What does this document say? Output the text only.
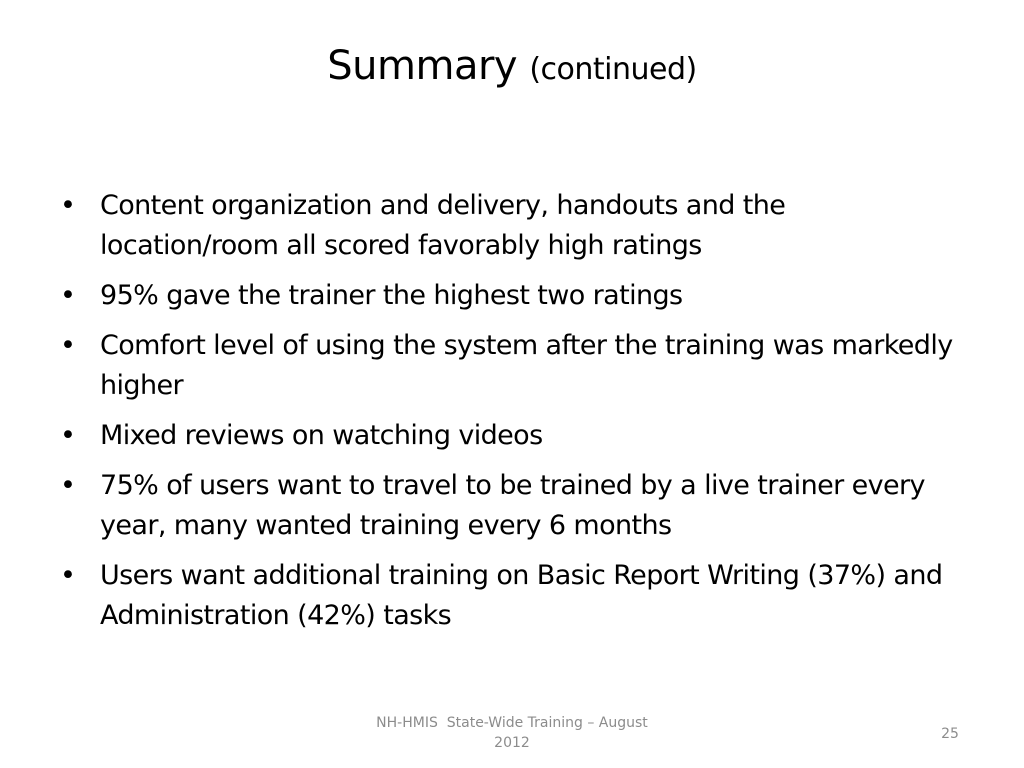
Summary (continued)
• Content organization and delivery, handouts and the location/room all scored favorably high ratings
• 95% gave the trainer the highest two ratings
• Comfort level of using the system after the training was markedly higher
• Mixed reviews on watching videos
• 75% of users want to travel to be trained by a live trainer every year, many wanted training every 6 months
• Users want additional training on Basic Report Writing (37%) and Administration (42%) tasks
NH-HMIS  State-Wide Training – August 2012
25
